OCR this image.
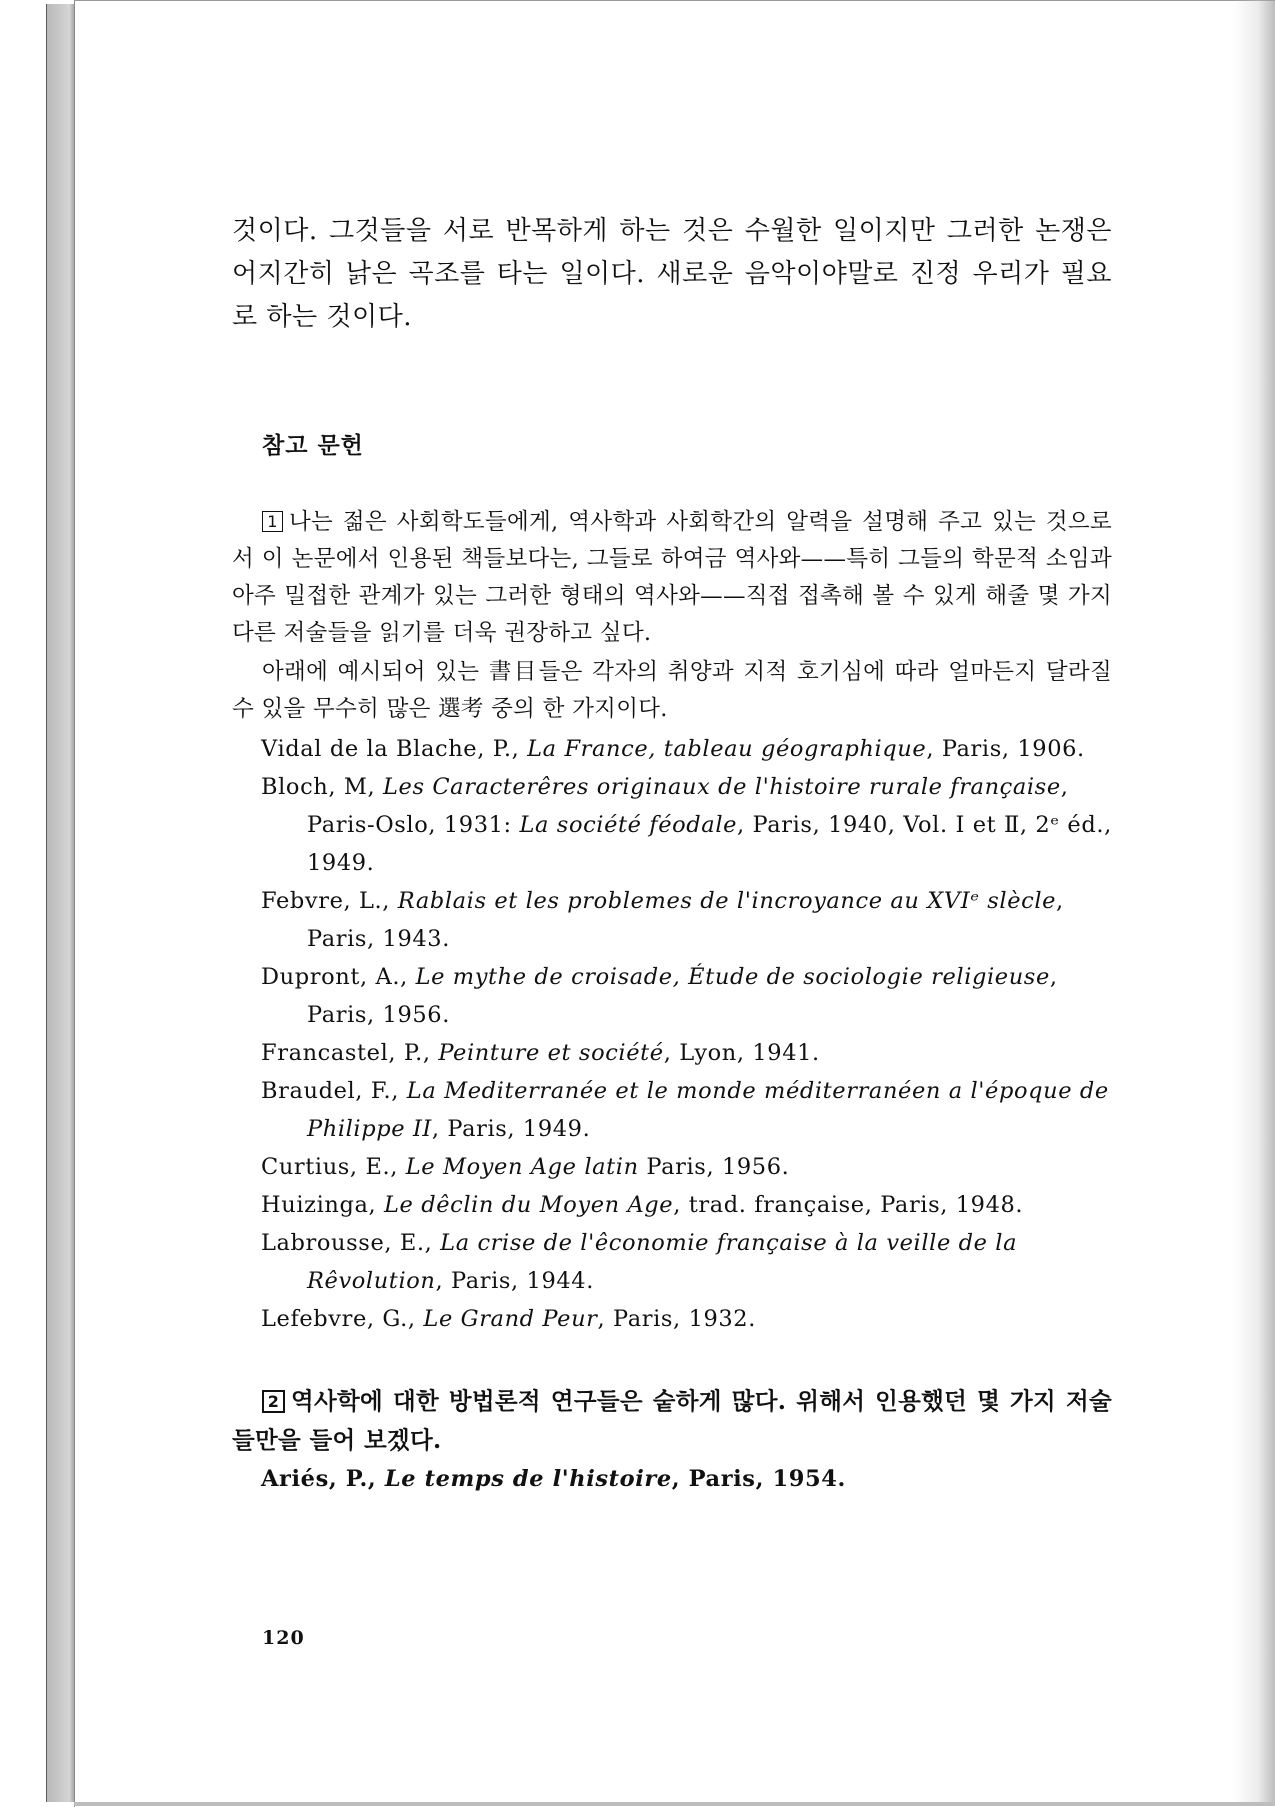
것이다. 그것들을 서로 반목하게 하는 것은 수월한 일이지만 그러한 논쟁은 어지간히 낡은 곡조를 타는 일이다. 새로운 음악이야말로 진정 우리가 필요로 하는 것이다.

참고 문헌

1 나는 젊은 사회학도들에게, 역사학과 사회학간의 알력을 설명해 주고 있는 것으로서 이 논문에서 인용된 책들보다는, 그들로 하여금 역사와——특히 그들의 학문적 소임과 아주 밀접한 관계가 있는 그러한 형태의 역사와——직접 접촉해 볼 수 있게 해줄 몇 가지 다른 저술들을 읽기를 더욱 권장하고 싶다.

아래에 예시되어 있는 書目들은 각자의 취양과 지적 호기심에 따라 얼마든지 달라질 수 있을 무수히 많은 選考 중의 한 가지이다.

Vidal de la Blache, P., La France, tableau géographique, Paris, 1906.
Bloch, M, Les Caracterêres originaux de l'histoire rurale française, Paris-Oslo, 1931: La société féodale, Paris, 1940, Vol. Ⅰ et Ⅱ, 2ᵉ éd., 1949.
Febvre, L., Rablais et les problemes de l'incroyance au XVIᵉ slècle, Paris, 1943.
Dupront, A., Le mythe de croisade, Étude de sociologie religieuse, Paris, 1956.
Francastel, P., Peinture et société, Lyon, 1941.
Braudel, F., La Mediterranée et le monde méditerranéen a l'époque de Philippe II, Paris, 1949.
Curtius, E., Le Moyen Age latin Paris, 1956.
Huizinga, Le dêclin du Moyen Age, trad. française, Paris, 1948.
Labrousse, E., La crise de l'êconomie française à la veille de la Rêvolution, Paris, 1944.
Lefebvre, G., Le Grand Peur, Paris, 1932.

2 역사학에 대한 방법론적 연구들은 숱하게 많다. 위해서 인용했던 몇 가지 저술들만을 들어 보겠다.

Ariés, P., Le temps de l'histoire, Paris, 1954.
120
